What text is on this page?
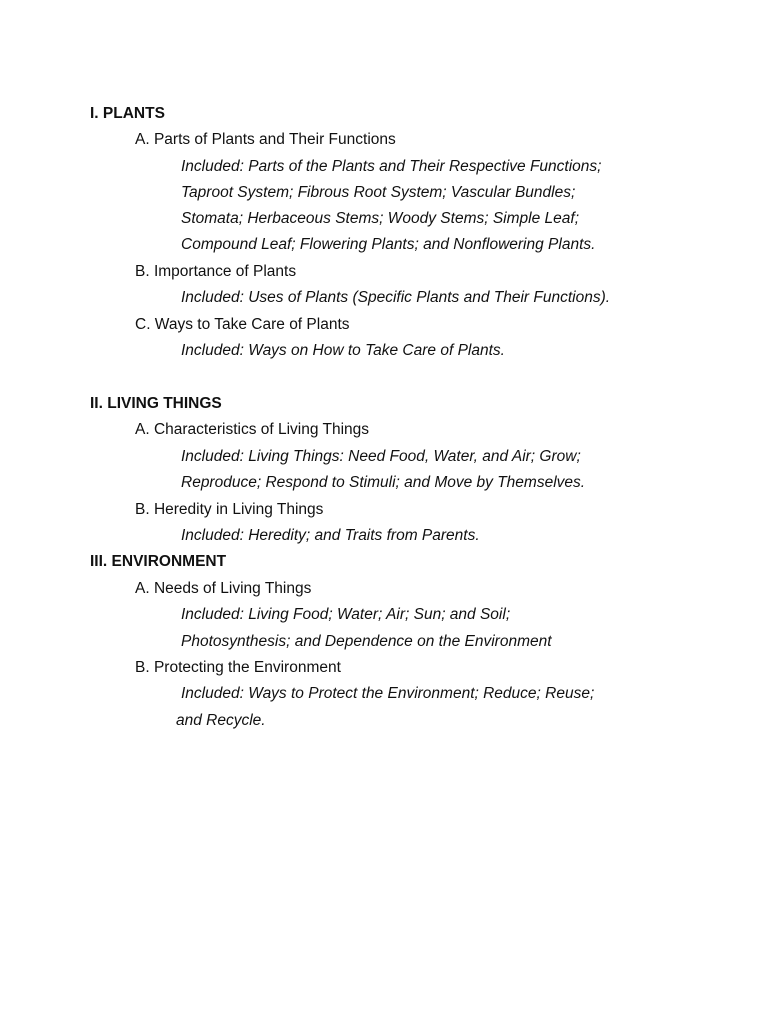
I. PLANTS
A. Parts of Plants and Their Functions
Included: Parts of the Plants and Their Respective Functions;
Taproot System; Fibrous Root System; Vascular Bundles;
Stomata; Herbaceous Stems; Woody Stems; Simple Leaf;
Compound Leaf; Flowering Plants; and Nonflowering Plants.
B. Importance of Plants
Included: Uses of Plants (Specific Plants and Their Functions).
C. Ways to Take Care of Plants
Included: Ways on How to Take Care of Plants.
II. LIVING THINGS
A. Characteristics of Living Things
Included: Living Things: Need Food, Water, and Air; Grow;
Reproduce; Respond to Stimuli; and Move by Themselves.
B. Heredity in Living Things
Included: Heredity; and Traits from Parents.
III. ENVIRONMENT
A. Needs of Living Things
Included: Living Food; Water; Air; Sun; and Soil;
Photosynthesis; and Dependence on the Environment
B. Protecting the Environment
Included: Ways to Protect the Environment; Reduce; Reuse;
and Recycle.
